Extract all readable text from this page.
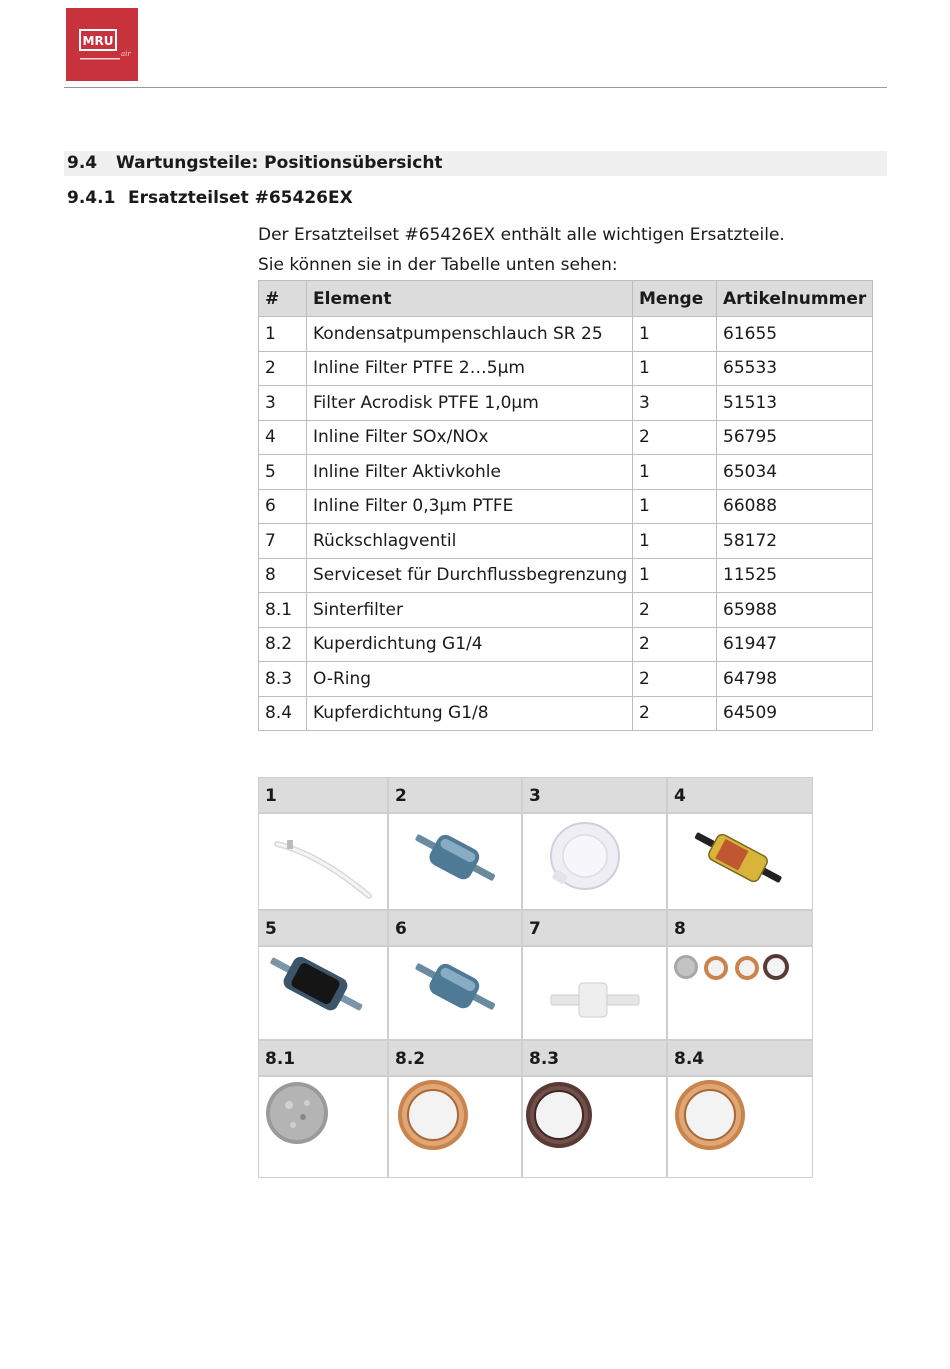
MRU
air
9.4 Wartungsteile: Positionsübersicht
9.4.1 Ersatzteilset #65426EX
Der Ersatzteilset #65426EX enthält alle wichtigen Ersatzteile.
Sie können sie in der Tabelle unten sehen:
#	Element	Menge	Artikelnummer
1	Kondensatpumpenschlauch SR 25	1	61655
2	Inline Filter PTFE 2…5µm	1	65533
3	Filter Acrodisk PTFE 1,0µm	3	51513
4	Inline Filter SOx/NOx	2	56795
5	Inline Filter Aktivkohle	1	65034
6	Inline Filter 0,3µm PTFE	1	66088
7	Rückschlagventil	1	58172
8	Serviceset für Durchflussbegrenzung	1	11525
8.1	Sinterfilter	2	65988
8.2	Kuperdichtung G1/4	2	61947
8.3	O-Ring	2	64798
8.4	Kupferdichtung G1/8	2	64509
1	2	3	4
5	6	7	8
8.1	8.2	8.3	8.4
